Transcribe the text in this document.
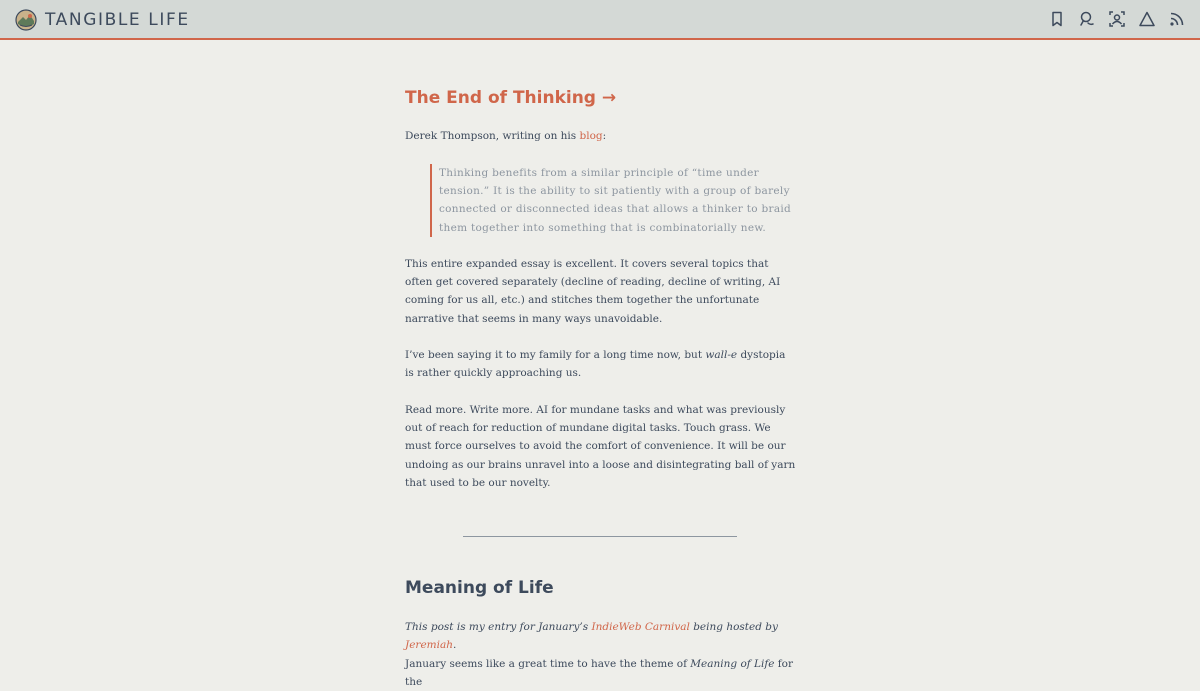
TANGIBLE LIFE
The End of Thinking →

Derek Thompson, writing on his blog:

Thinking benefits from a similar principle of “time under tension.” It is the ability to sit patiently with a group of barely connected or disconnected ideas that allows a thinker to braid them together into something that is combinatorially new.

This entire expanded essay is excellent. It covers several topics that often get covered separately (decline of reading, decline of writing, AI coming for us all, etc.) and stitches them together the unfortunate narrative that seems in many ways unavoidable.

I’ve been saying it to my family for a long time now, but wall-e dystopia is rather quickly approaching us.

Read more. Write more. AI for mundane tasks and what was previously out of reach for reduction of mundane digital tasks. Touch grass. We must force ourselves to avoid the comfort of convenience. It will be our undoing as our brains unravel into a loose and disintegrating ball of yarn that used to be our novelty.

Meaning of Life

This post is my entry for January’s IndieWeb Carnival being hosted by Jeremiah.

January seems like a great time to have the theme of Meaning of Life for the
